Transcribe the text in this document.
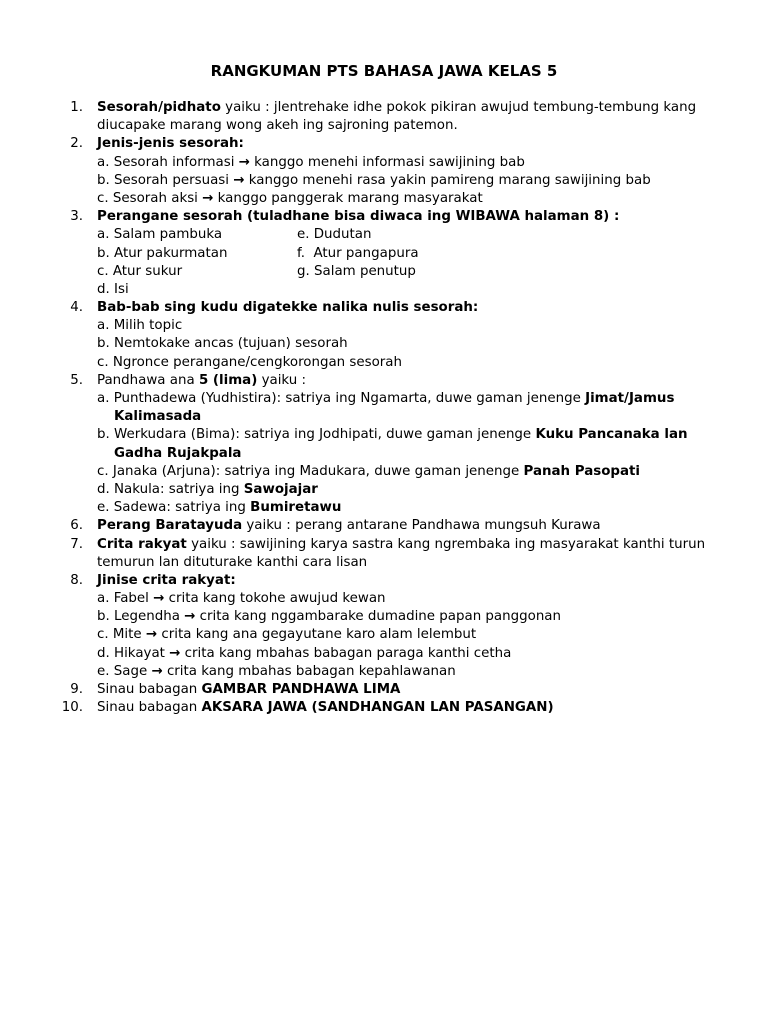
RANGKUMAN PTS BAHASA JAWA KELAS 5
1. Sesorah/pidhato yaiku : jlentrehake idhe pokok pikiran awujud tembung-tembung kang
diucapake marang wong akeh ing sajroning patemon.
2. Jenis-jenis sesorah:
a. Sesorah informasi → kanggo menehi informasi sawijining bab
b. Sesorah persuasi → kanggo menehi rasa yakin pamireng marang sawijining bab
c. Sesorah aksi → kanggo panggerak marang masyarakat
3. Perangane sesorah (tuladhane bisa diwaca ing WIBAWA halaman 8) :
a. Salam pambuka	e. Dudutan
b. Atur pakurmatan	f.  Atur pangapura
c. Atur sukur	g. Salam penutup
d. Isi
4. Bab-bab sing kudu digatekke nalika nulis sesorah:
a. Milih topic
b. Nemtokake ancas (tujuan) sesorah
c. Ngronce perangane/cengkorongan sesorah
5. Pandhawa ana 5 (lima) yaiku :
a. Punthadewa (Yudhistira): satriya ing Ngamarta, duwe gaman jenenge Jimat/Jamus
Kalimasada
b. Werkudara (Bima): satriya ing Jodhipati, duwe gaman jenenge Kuku Pancanaka lan
Gadha Rujakpala
c. Janaka (Arjuna): satriya ing Madukara, duwe gaman jenenge Panah Pasopati
d. Nakula: satriya ing Sawojajar
e. Sadewa: satriya ing Bumiretawu
6. Perang Baratayuda yaiku : perang antarane Pandhawa mungsuh Kurawa
7. Crita rakyat yaiku : sawijining karya sastra kang ngrembaka ing masyarakat kanthi turun
temurun lan dituturake kanthi cara lisan
8. Jinise crita rakyat:
a. Fabel → crita kang tokohe awujud kewan
b. Legendha → crita kang nggambarake dumadine papan panggonan
c. Mite → crita kang ana gegayutane karo alam lelembut
d. Hikayat → crita kang mbahas babagan paraga kanthi cetha
e. Sage → crita kang mbahas babagan kepahlawanan
9. Sinau babagan GAMBAR PANDHAWA LIMA
10. Sinau babagan AKSARA JAWA (SANDHANGAN LAN PASANGAN)
